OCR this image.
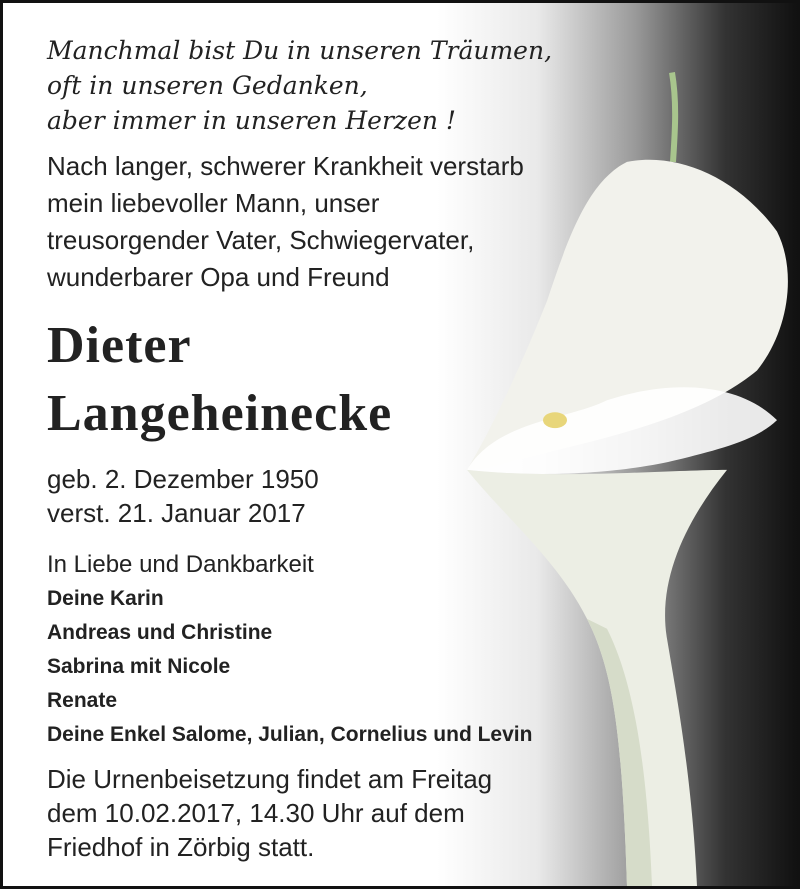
Manchmal bist Du in unseren Träumen,
oft in unseren Gedanken,
aber immer in unseren Herzen !

Nach langer, schwerer Krankheit verstarb
mein liebevoller Mann, unser
treusorgender Vater, Schwiegervater,
wunderbarer Opa und Freund

Dieter
Langeheinecke

geb. 2. Dezember 1950
verst. 21. Januar 2017

In Liebe und Dankbarkeit
Deine Karin
Andreas und Christine
Sabrina mit Nicole
Renate
Deine Enkel Salome, Julian, Cornelius und Levin

Die Urnenbeisetzung findet am Freitag
dem 10.02.2017, 14.30 Uhr auf dem
Friedhof in Zörbig statt.
